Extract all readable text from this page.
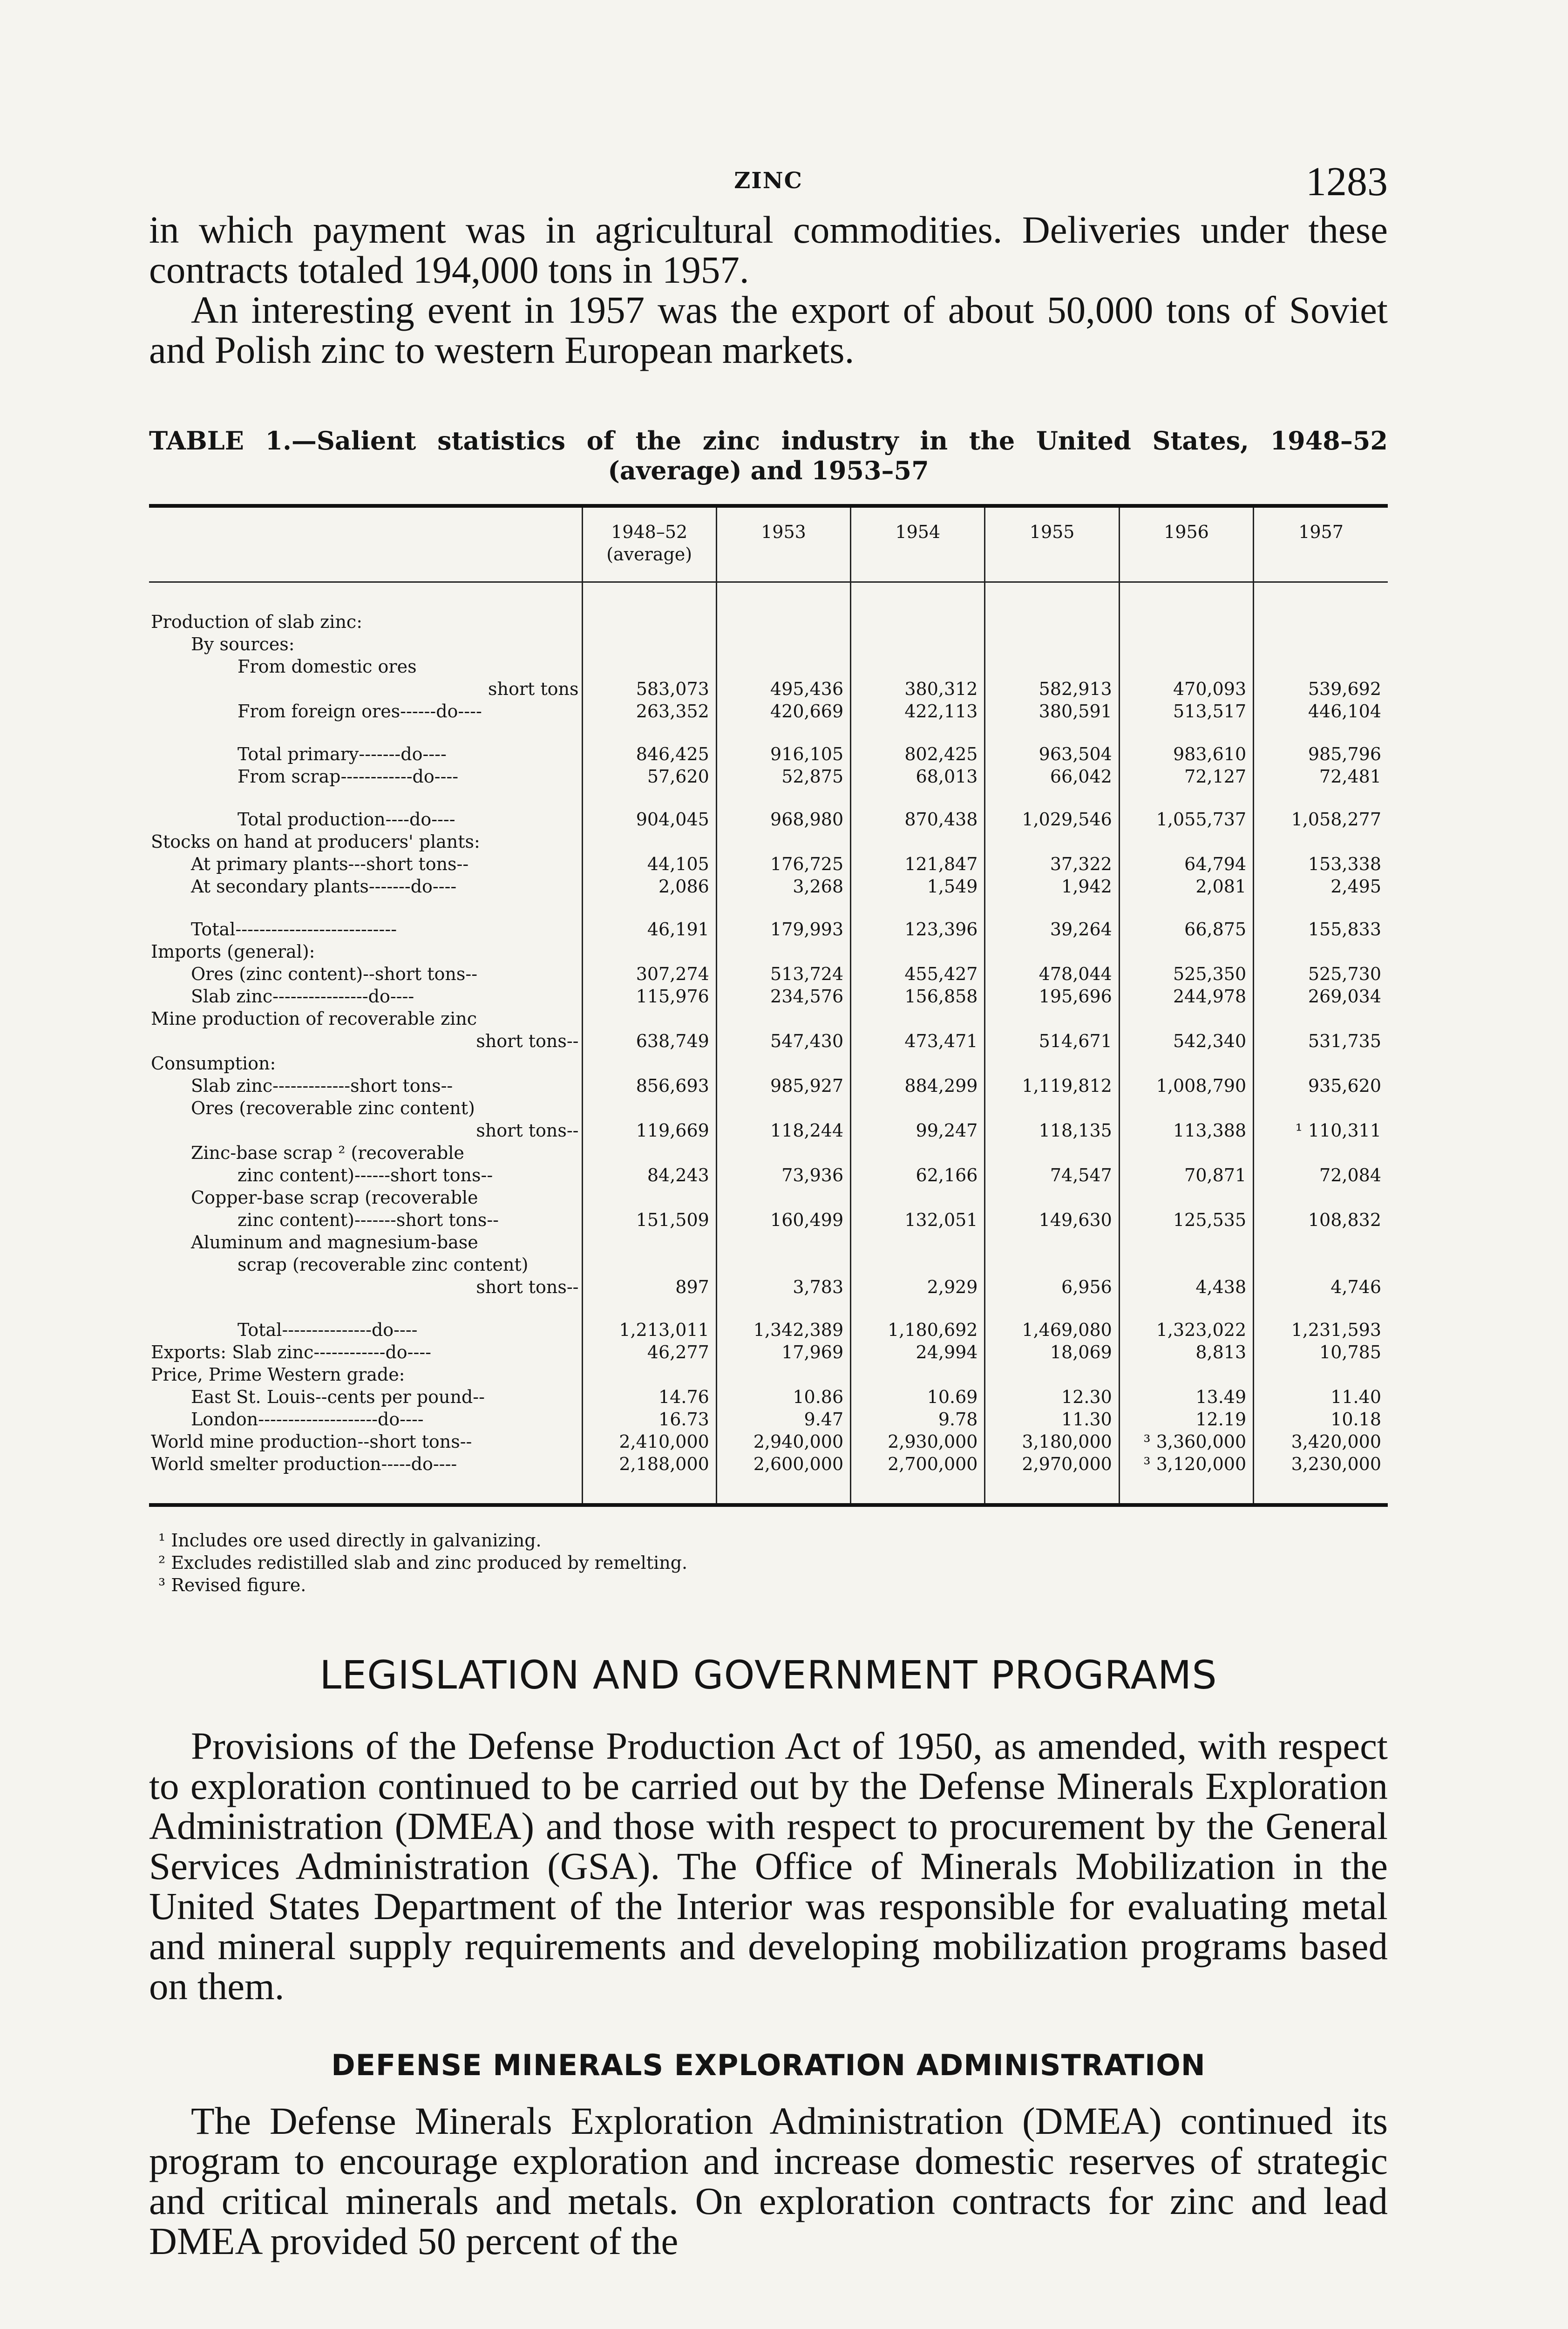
ZINC	1283

in which payment was in agricultural commodities. Deliveries under these contracts totaled 194,000 tons in 1957.

An interesting event in 1957 was the export of about 50,000 tons of Soviet and Polish zinc to western European markets.

TABLE 1.—Salient statistics of the zinc industry in the United States, 1948–52
(average) and 1953–57
	1948–52 (average)	1953	1954	1955	1956	1957
Production of slab zinc:						
By sources:						
From domestic ores						
short tons	583,073	495,436	380,312	582,913	470,093	539,692
From foreign ores------do----	263,352	420,669	422,113	380,591	513,517	446,104
Total primary-------do----	846,425	916,105	802,425	963,504	983,610	985,796
From scrap------------do----	57,620	52,875	68,013	66,042	72,127	72,481
Total production----do----	904,045	968,980	870,438	1,029,546	1,055,737	1,058,277
Stocks on hand at producers' plants:						
At primary plants---short tons--	44,105	176,725	121,847	37,322	64,794	153,338
At secondary plants-------do----	2,086	3,268	1,549	1,942	2,081	2,495
Total---------------------------	46,191	179,993	123,396	39,264	66,875	155,833
Imports (general):						
Ores (zinc content)--short tons--	307,274	513,724	455,427	478,044	525,350	525,730
Slab zinc----------------do----	115,976	234,576	156,858	195,696	244,978	269,034
Mine production of recoverable zinc						
short tons--	638,749	547,430	473,471	514,671	542,340	531,735
Consumption:						
Slab zinc-------------short tons--	856,693	985,927	884,299	1,119,812	1,008,790	935,620
Ores (recoverable zinc content)						
short tons--	119,669	118,244	99,247	118,135	113,388	¹ 110,311
Zinc-base scrap ² (recoverable						
zinc content)------short tons--	84,243	73,936	62,166	74,547	70,871	72,084
Copper-base scrap (recoverable						
zinc content)-------short tons--	151,509	160,499	132,051	149,630	125,535	108,832
Aluminum and magnesium-base						
scrap (recoverable zinc content)						
short tons--	897	3,783	2,929	6,956	4,438	4,746
Total---------------do----	1,213,011	1,342,389	1,180,692	1,469,080	1,323,022	1,231,593
Exports: Slab zinc------------do----	46,277	17,969	24,994	18,069	8,813	10,785
Price, Prime Western grade:						
East St. Louis--cents per pound--	14.76	10.86	10.69	12.30	13.49	11.40
London--------------------do----	16.73	9.47	9.78	11.30	12.19	10.18
World mine production--short tons--	2,410,000	2,940,000	2,930,000	3,180,000	³ 3,360,000	3,420,000
World smelter production-----do----	2,188,000	2,600,000	2,700,000	2,970,000	³ 3,120,000	3,230,000
¹ Includes ore used directly in galvanizing.
² Excludes redistilled slab and zinc produced by remelting.
³ Revised figure.
LEGISLATION AND GOVERNMENT PROGRAMS

Provisions of the Defense Production Act of 1950, as amended, with respect to exploration continued to be carried out by the Defense Minerals Exploration Administration (DMEA) and those with respect to procurement by the General Services Administration (GSA). The Office of Minerals Mobilization in the United States Department of the Interior was responsible for evaluating metal and mineral supply requirements and developing mobilization programs based on them.

DEFENSE MINERALS EXPLORATION ADMINISTRATION

The Defense Minerals Exploration Administration (DMEA) continued its program to encourage exploration and increase domestic reserves of strategic and critical minerals and metals. On exploration contracts for zinc and lead DMEA provided 50 percent of the
